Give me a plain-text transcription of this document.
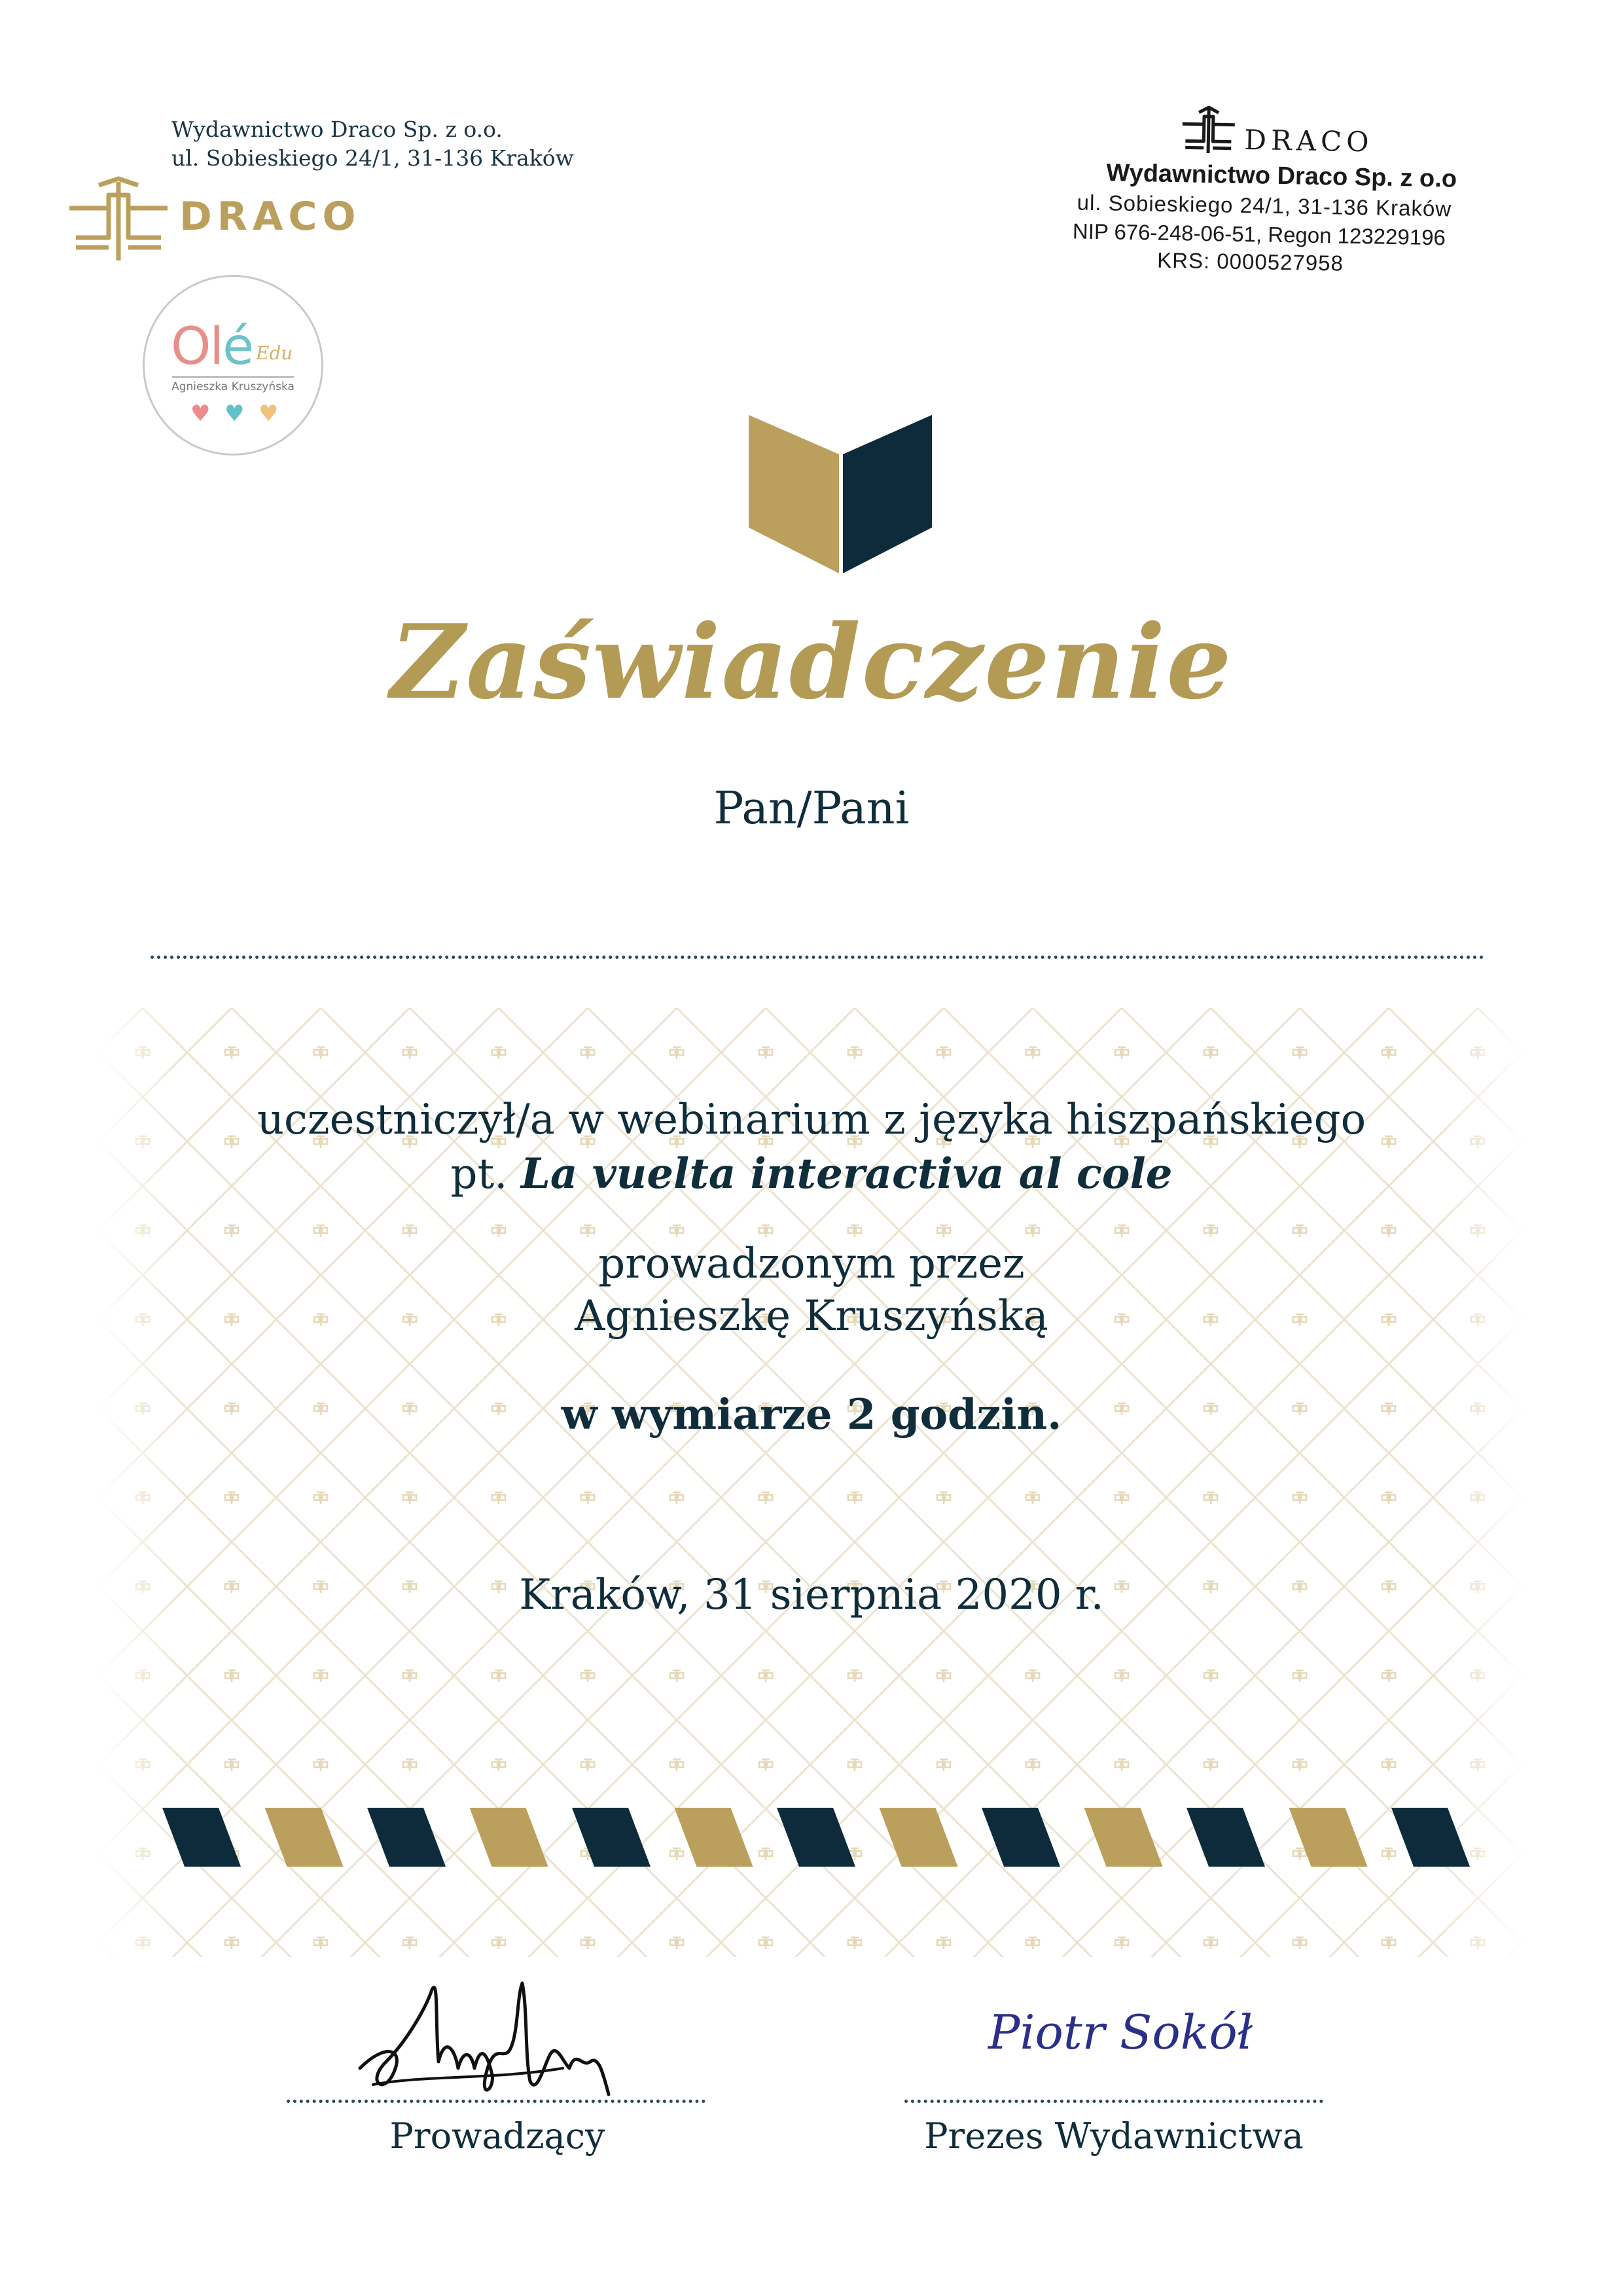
Wydawnictwo Draco Sp. z o.o.
ul. Sobieskiego 24/1, 31-136 Kraków
DRACO
Olé Edu
Agnieszka Kruszyńska
♥ ♥ ♥
DRACO
Wydawnictwo Draco Sp. z o.o
ul. Sobieskiego 24/1, 31-136 Kraków
NIP 676-248-06-51, Regon 123229196
KRS: 0000527958
Zaświadczenie
Pan/Pani
uczestniczył/a w webinarium z języka hiszpańskiego
pt. La vuelta interactiva al cole
prowadzonym przez
Agnieszkę Kruszyńską
w wymiarze 2 godzin.
Kraków, 31 sierpnia 2020 r.
Piotr Sokół
Prowadzący	Prezes Wydawnictwa
